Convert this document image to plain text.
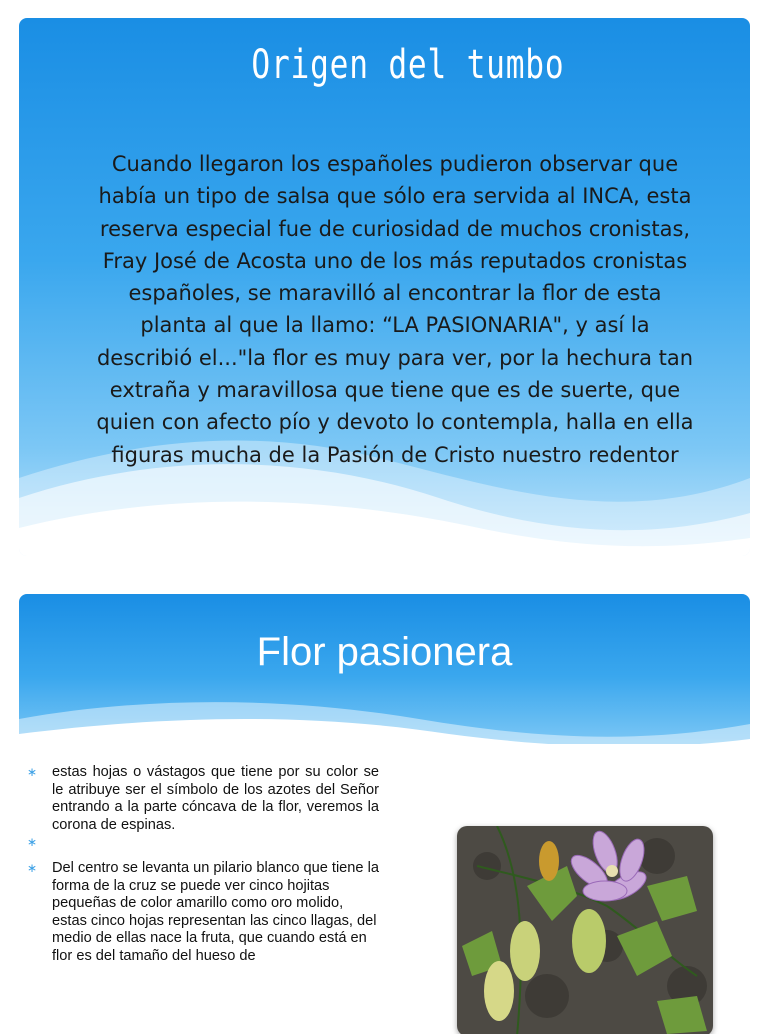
Origen del tumbo
Cuando llegaron los españoles pudieron observar que había un tipo de salsa que sólo era servida al INCA, esta reserva especial fue de curiosidad de muchos cronistas, Fray José de Acosta uno de los más reputados cronistas españoles, se maravilló al encontrar la flor de esta planta al que la llamo: “LA PASIONARIA", y así la describió el..."la flor es muy para ver, por la hechura tan extraña y maravillosa que tiene que es de suerte, que quien con afecto pío y devoto lo contempla, halla en ella figuras mucha de la Pasión de Cristo nuestro redentor
Flor pasionera
∗ estas hojas o vástagos que tiene por su color se le atribuye ser el símbolo de los azotes del Señor entrando a la parte cóncava de la flor, veremos la corona de espinas.
∗
∗ Del centro se levanta un pilario blanco que tiene la forma de la cruz se puede ver cinco hojitas pequeñas de color amarillo como oro molido, estas cinco hojas representan las cinco llagas, del medio de ellas nace la fruta, que cuando está en flor es del tamaño del hueso de
